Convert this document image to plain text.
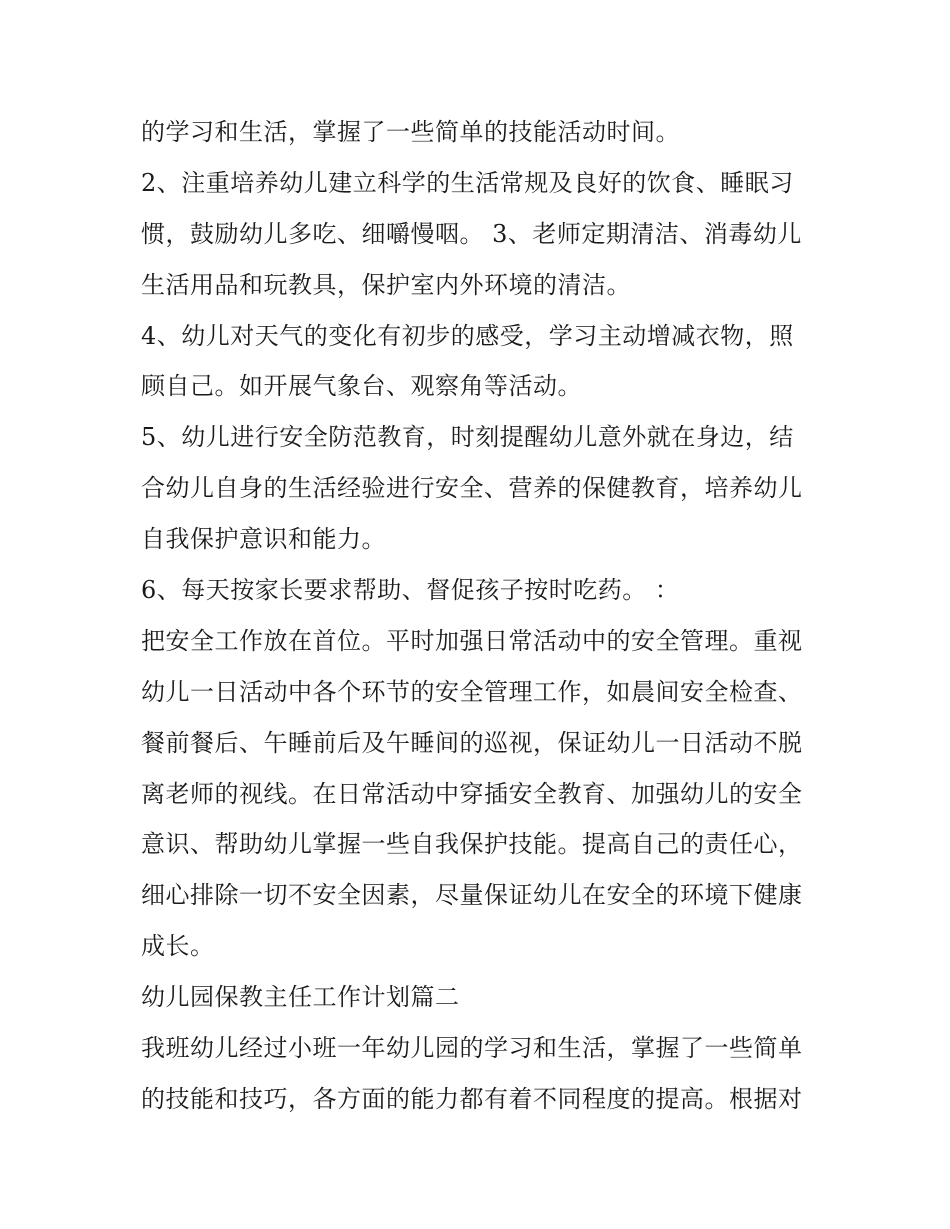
的学习和生活，掌握了一些简单的技能活动时间。
2、注重培养幼儿建立科学的生活常规及良好的饮食、睡眠习
惯，鼓励幼儿多吃、细嚼慢咽。 3、老师定期清洁、消毒幼儿
生活用品和玩教具，保护室内外环境的清洁。
4、幼儿对天气的变化有初步的感受，学习主动增减衣物，照
顾自己。如开展气象台、观察角等活动。
5、幼儿进行安全防范教育，时刻提醒幼儿意外就在身边，结
合幼儿自身的生活经验进行安全、营养的保健教育，培养幼儿
自我保护意识和能力。
6、每天按家长要求帮助、督促孩子按时吃药。 ：
把安全工作放在首位。平时加强日常活动中的安全管理。重视
幼儿一日活动中各个环节的安全管理工作，如晨间安全检查、
餐前餐后、午睡前后及午睡间的巡视，保证幼儿一日活动不脱
离老师的视线。在日常活动中穿插安全教育、加强幼儿的安全
意识、帮助幼儿掌握一些自我保护技能。提高自己的责任心，
细心排除一切不安全因素，尽量保证幼儿在安全的环境下健康
成长。
幼儿园保教主任工作计划篇二
我班幼儿经过小班一年幼儿园的学习和生活，掌握了一些简单
的技能和技巧，各方面的能力都有着不同程度的提高。根据对
